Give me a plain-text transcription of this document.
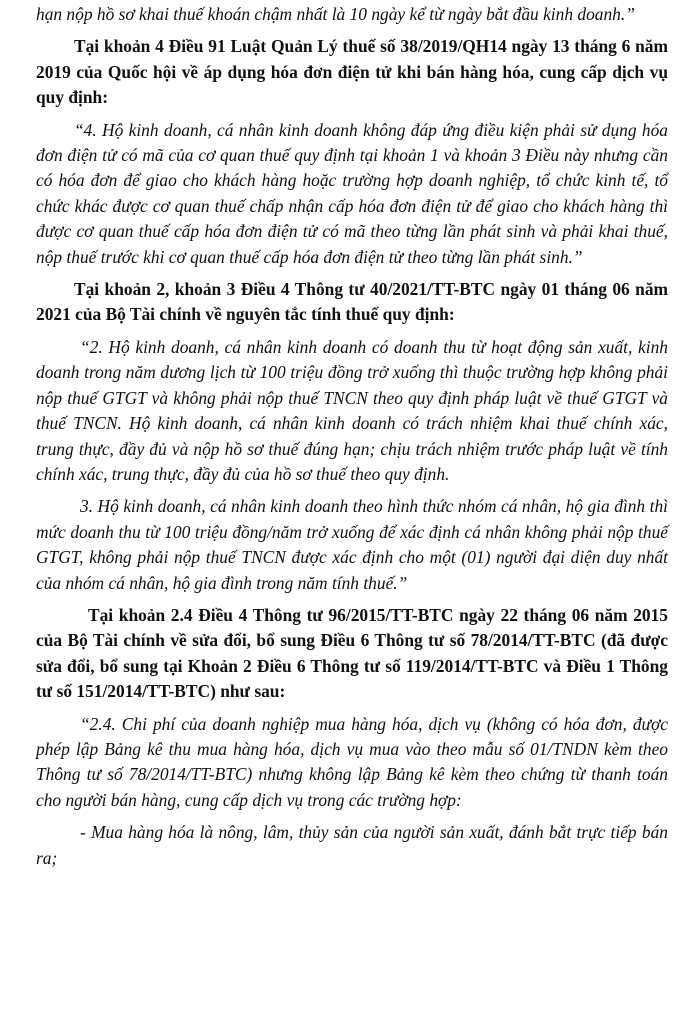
hạn nộp hồ sơ khai thuế khoán chậm nhất là 10 ngày kể từ ngày bắt đầu kinh doanh.”

Tại khoản 4 Điều 91 Luật Quản Lý thuế số 38/2019/QH14 ngày 13 tháng 6 năm 2019 của Quốc hội về áp dụng hóa đơn điện tử khi bán hàng hóa, cung cấp dịch vụ quy định:

“4. Hộ kinh doanh, cá nhân kinh doanh không đáp ứng điều kiện phải sử dụng hóa đơn điện tử có mã của cơ quan thuế quy định tại khoản 1 và khoản 3 Điều này nhưng cần có hóa đơn để giao cho khách hàng hoặc trường hợp doanh nghiệp, tổ chức kinh tế, tổ chức khác được cơ quan thuế chấp nhận cấp hóa đơn điện tử để giao cho khách hàng thì được cơ quan thuế cấp hóa đơn điện tử có mã theo từng lần phát sinh và phải khai thuế, nộp thuế trước khi cơ quan thuế cấp hóa đơn điện tử theo từng lần phát sinh.”

Tại khoản 2, khoản 3 Điều 4 Thông tư 40/2021/TT-BTC ngày 01 tháng 06 năm 2021 của Bộ Tài chính về nguyên tắc tính thuế quy định:

“2. Hộ kinh doanh, cá nhân kinh doanh có doanh thu từ hoạt động sản xuất, kinh doanh trong năm dương lịch từ 100 triệu đồng trở xuống thì thuộc trường hợp không phải nộp thuế GTGT và không phải nộp thuế TNCN theo quy định pháp luật về thuế GTGT và thuế TNCN. Hộ kinh doanh, cá nhân kinh doanh có trách nhiệm khai thuế chính xác, trung thực, đầy đủ và nộp hồ sơ thuế đúng hạn; chịu trách nhiệm trước pháp luật về tính chính xác, trung thực, đầy đủ của hồ sơ thuế theo quy định.

3. Hộ kinh doanh, cá nhân kinh doanh theo hình thức nhóm cá nhân, hộ gia đình thì mức doanh thu từ 100 triệu đồng/năm trở xuống để xác định cá nhân không phải nộp thuế GTGT, không phải nộp thuế TNCN được xác định cho một (01) người đại diện duy nhất của nhóm cá nhân, hộ gia đình trong năm tính thuế.”

Tại khoản 2.4 Điều 4 Thông tư 96/2015/TT-BTC ngày 22 tháng 06 năm 2015 của Bộ Tài chính về sửa đổi, bổ sung Điều 6 Thông tư số 78/2014/TT-BTC (đã được sửa đổi, bổ sung tại Khoản 2 Điều 6 Thông tư số 119/2014/TT-BTC và Điều 1 Thông tư số 151/2014/TT-BTC) như sau:

“2.4. Chi phí của doanh nghiệp mua hàng hóa, dịch vụ (không có hóa đơn, được phép lập Bảng kê thu mua hàng hóa, dịch vụ mua vào theo mẫu số 01/TNDN kèm theo Thông tư số 78/2014/TT-BTC) nhưng không lập Bảng kê kèm theo chứng từ thanh toán cho người bán hàng, cung cấp dịch vụ trong các trường hợp:

- Mua hàng hóa là nông, lâm, thủy sản của người sản xuất, đánh bắt trực tiếp bán ra;
